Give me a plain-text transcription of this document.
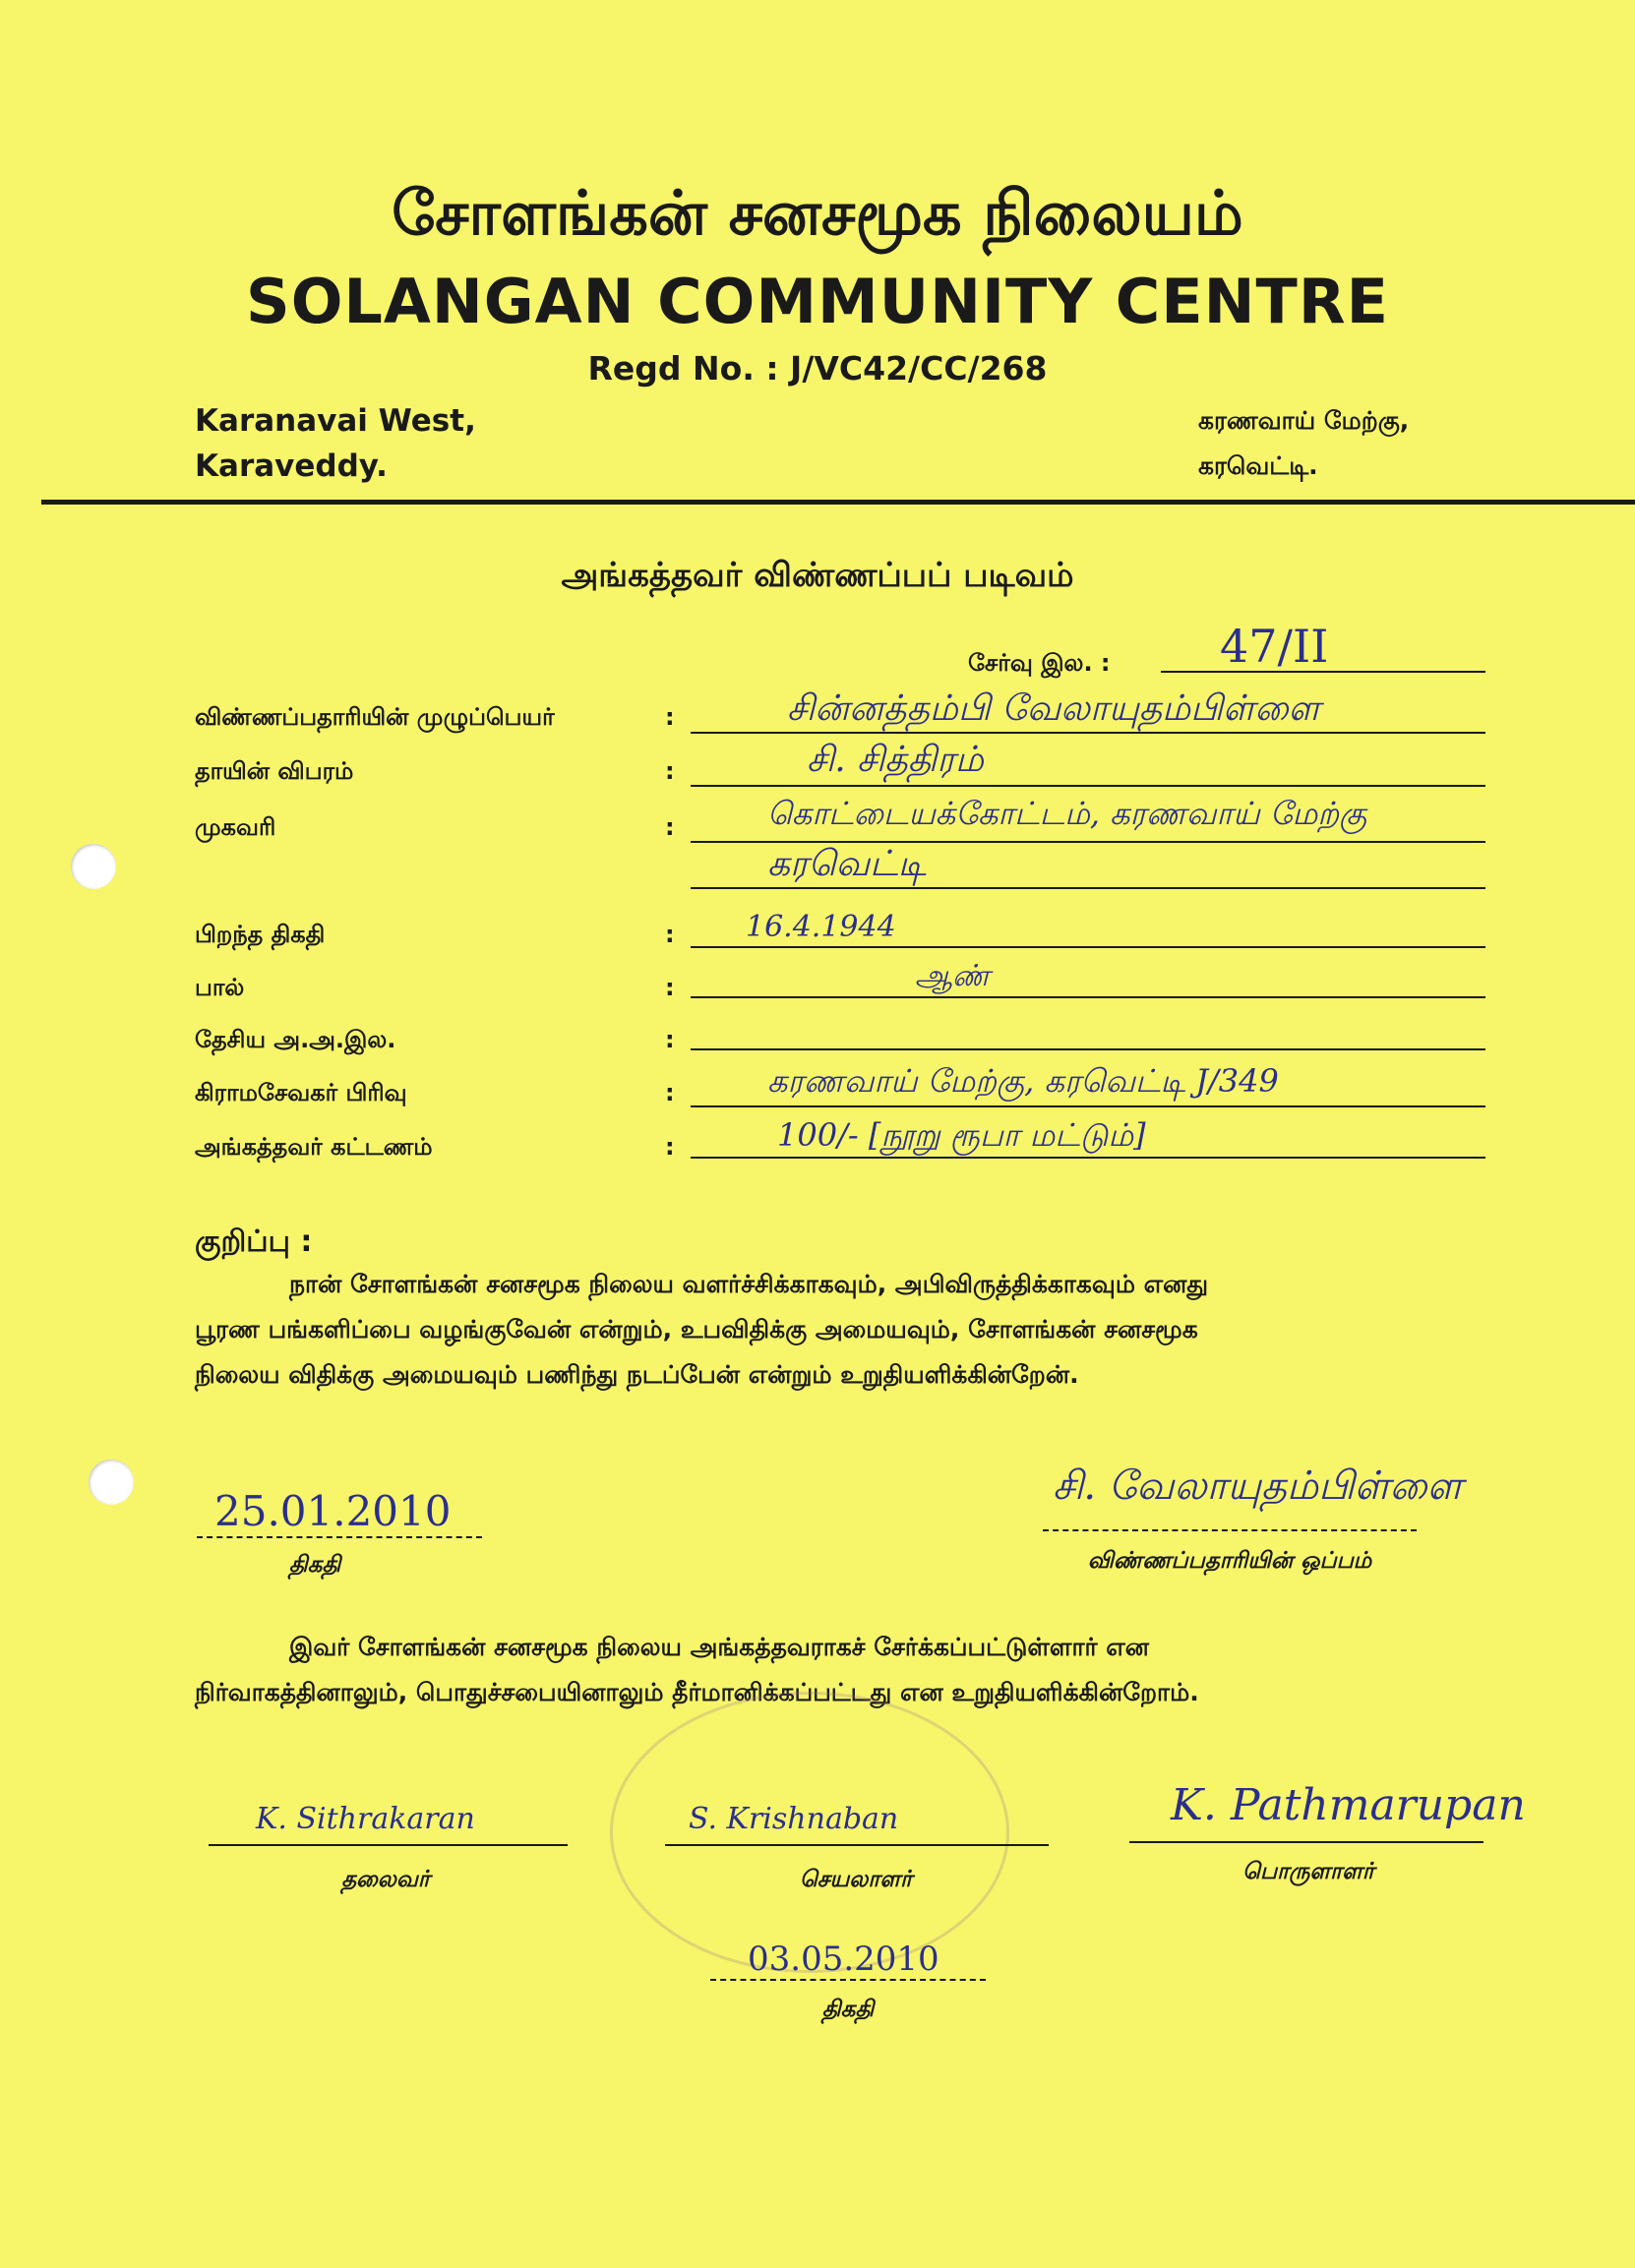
சோளங்கன் சனசமூக நிலையம்
SOLANGAN COMMUNITY CENTRE
Regd No. : J/VC42/CC/268
Karanavai West,
Karaveddy.
கரணவாய் மேற்கு,
கரவெட்டி.
அங்கத்தவர் விண்ணப்பப் படிவம்
சேர்வு இல. : 47/II
விண்ணப்பதாரியின் முழுப்பெயர்	:	சின்னத்தம்பி வேலாயுதம்பிள்ளை
தாயின் விபரம்	:	சி. சித்திரம்
முகவரி	:	கொட்டையக்கோட்டம், கரணவாய் மேற்கு
கரவெட்டி
பிறந்த திகதி	: 16.4.1944
பால்	:	ஆண்
தேசிய அ.அ.இல.	:
கிராமசேவகர் பிரிவு	:	கரணவாய் மேற்கு, கரவெட்டி J/349
அங்கத்தவர் கட்டணம்	:	100/- [நூறு ரூபா மட்டும்]
குறிப்பு :
நான் சோளங்கன் சனசமூக நிலைய வளர்ச்சிக்காகவும், அபிவிருத்திக்காகவும் எனது
பூரண பங்களிப்பை வழங்குவேன் என்றும், உபவிதிக்கு அமையவும், சோளங்கன் சனசமூக
நிலைய விதிக்கு அமையவும் பணிந்து நடப்பேன் என்றும் உறுதியளிக்கின்றேன்.
25.01.2010
திகதி
சி. வேலாயுதம்பிள்ளை
விண்ணப்பதாரியின் ஒப்பம்
இவர் சோளங்கன் சனசமூக நிலைய அங்கத்தவராகச் சேர்க்கப்பட்டுள்ளார் என
நிர்வாகத்தினாலும், பொதுச்சபையினாலும் தீர்மானிக்கப்பட்டது என உறுதியளிக்கின்றோம்.
K. Sithrakaran
தலைவர்
S. Krishnaban
செயலாளர்
K. Pathmarupan
பொருளாளர்
03.05.2010
திகதி
